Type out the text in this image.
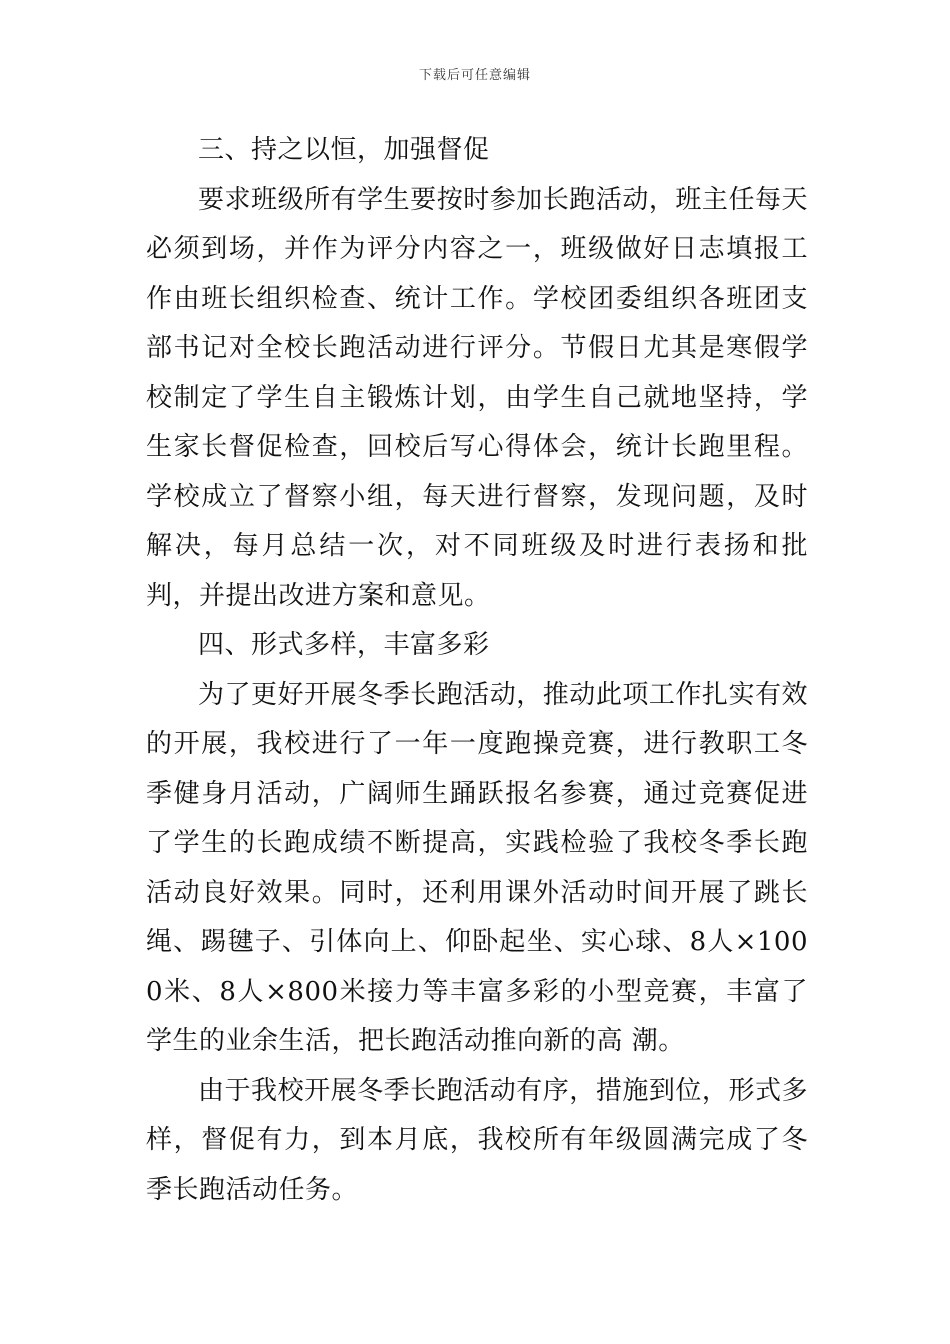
下载后可任意编辑

三、持之以恒，加强督促

要求班级所有学生要按时参加长跑活动，班主任每天必须到场，并作为评分内容之一，班级做好日志填报工作由班长组织检查、统计工作。学校团委组织各班团支部书记对全校长跑活动进行评分。节假日尤其是寒假学校制定了学生自主锻炼计划，由学生自己就地坚持，学生家长督促检查，回校后写心得体会，统计长跑里程。学校成立了督察小组，每天进行督察，发现问题，及时解决，每月总结一次，对不同班级及时进行表扬和批判，并提出改进方案和意见。

四、形式多样，丰富多彩

为了更好开展冬季长跑活动，推动此项工作扎实有效的开展，我校进行了一年一度跑操竞赛，进行教职工冬季健身月活动，广阔师生踊跃报名参赛，通过竞赛促进了学生的长跑成绩不断提高，实践检验了我校冬季长跑活动良好效果。同时，还利用课外活动时间开展了跳长绳、踢毽子、引体向上、仰卧起坐、实心球、8人×1000米、8人×800米接力等丰富多彩的小型竞赛，丰富了学生的业余生活，把长跑活动推向新的高 潮。

由于我校开展冬季长跑活动有序，措施到位，形式多样，督促有力，到本月底，我校所有年级圆满完成了冬季长跑活动任务。
